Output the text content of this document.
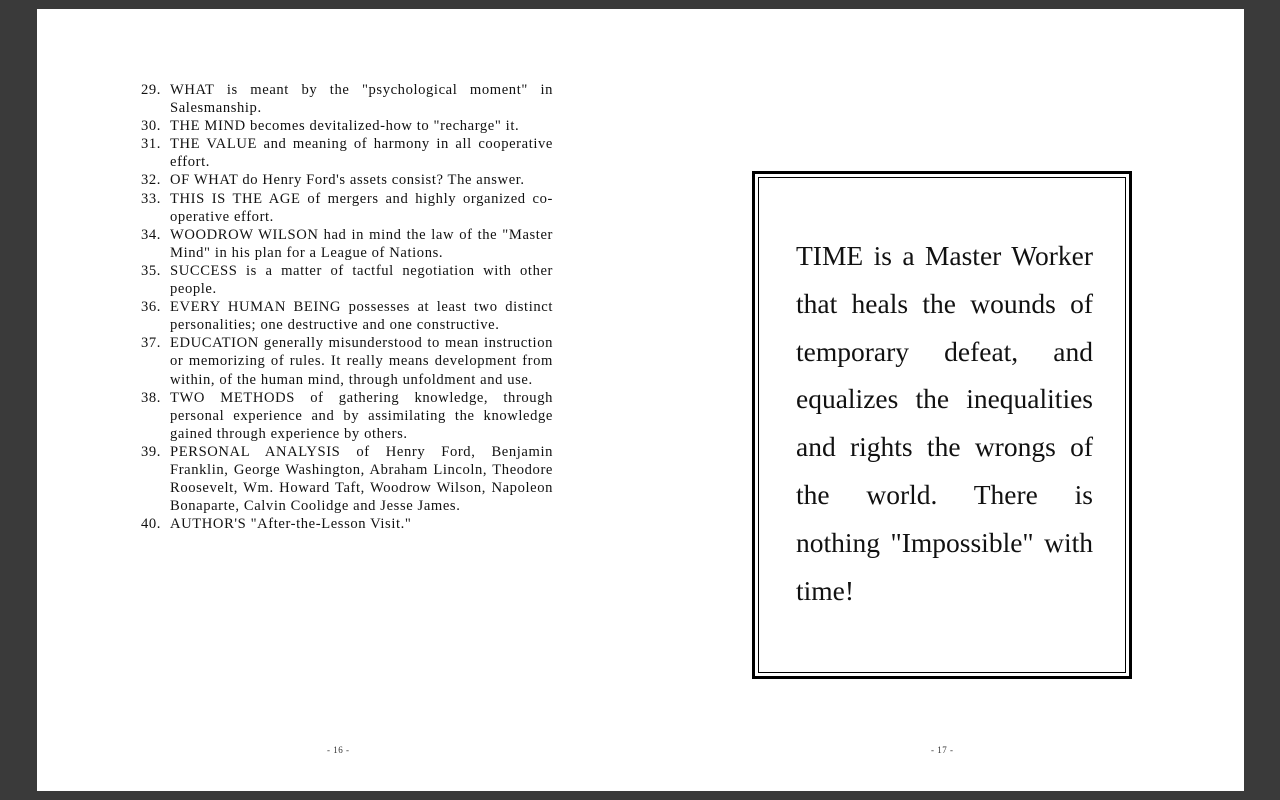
29. WHAT is meant by the "psychological moment" in Salesmanship.
30. THE MIND becomes devitalized-how to "recharge" it.
31. THE VALUE and meaning of harmony in all cooperative effort.
32. OF WHAT do Henry Ford's assets consist? The answer.
33. THIS IS THE AGE of mergers and highly organized co-operative effort.
34. WOODROW WILSON had in mind the law of the "Master Mind" in his plan for a League of Nations.
35. SUCCESS is a matter of tactful negotiation with other people.
36. EVERY HUMAN BEING possesses at least two distinct personalities; one destructive and one constructive.
37. EDUCATION generally misunderstood to mean instruction or memorizing of rules. It really means development from within, of the human mind, through unfoldment and use.
38. TWO METHODS of gathering knowledge, through personal experience and by assimilating the knowledge gained through experience by others.
39. PERSONAL ANALYSIS of Henry Ford, Benjamin Franklin, George Washington, Abraham Lincoln, Theodore Roosevelt, Wm. Howard Taft, Woodrow Wilson, Napoleon Bonaparte, Calvin Coolidge and Jesse James.
40. AUTHOR'S "After-the-Lesson Visit."
- 16 -

TIME is a Master Worker that heals the wounds of temporary defeat, and equalizes the inequalities and rights the wrongs of the world. There is nothing "Impossible" with time!

- 17 -
